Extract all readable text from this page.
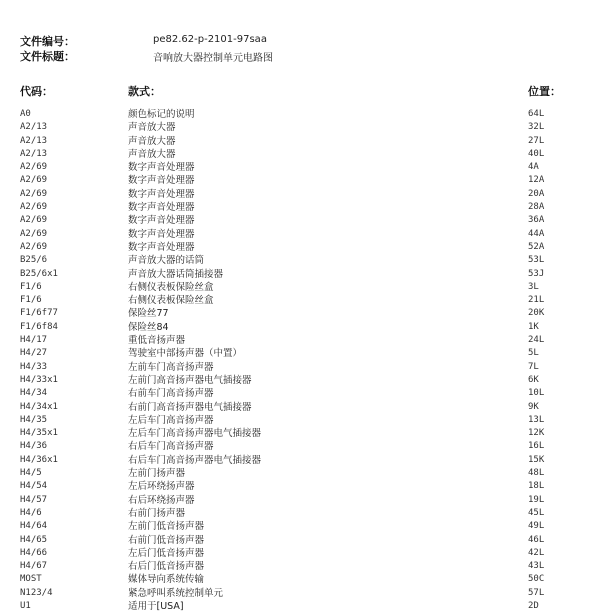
文件编号：	pe82.62-p-2101-97saa
文件标题：	音响放大器控制单元电路图
代码：	款式：	位置：
A0	颜色标记的说明	64L
A2/13	声音放大器	32L
A2/13	声音放大器	27L
A2/13	声音放大器	40L
A2/69	数字声音处理器	4A
A2/69	数字声音处理器	12A
A2/69	数字声音处理器	20A
A2/69	数字声音处理器	28A
A2/69	数字声音处理器	36A
A2/69	数字声音处理器	44A
A2/69	数字声音处理器	52A
B25/6	声音放大器的话筒	53L
B25/6x1	声音放大器话筒插接器	53J
F1/6	右侧仪表板保险丝盒	3L
F1/6	右侧仪表板保险丝盒	21L
F1/6f77	保险丝77	20K
F1/6f84	保险丝84	1K
H4/17	重低音扬声器	24L
H4/27	驾驶室中部扬声器（中置）	5L
H4/33	左前车门高音扬声器	7L
H4/33x1	左前门高音扬声器电气插接器	6K
H4/34	右前车门高音扬声器	10L
H4/34x1	右前门高音扬声器电气插接器	9K
H4/35	左后车门高音扬声器	13L
H4/35x1	左后车门高音扬声器电气插接器	12K
H4/36	右后车门高音扬声器	16L
H4/36x1	右后车门高音扬声器电气插接器	15K
H4/5	左前门扬声器	48L
H4/54	左后环绕扬声器	18L
H4/57	右后环绕扬声器	19L
H4/6	右前门扬声器	45L
H4/64	左前门低音扬声器	49L
H4/65	右前门低音扬声器	46L
H4/66	左后门低音扬声器	42L
H4/67	右后门低音扬声器	43L
MOST	媒体导向系统传输	50C
N123/4	紧急呼叫系统控制单元	57L
U1	适用于[USA]	2D
